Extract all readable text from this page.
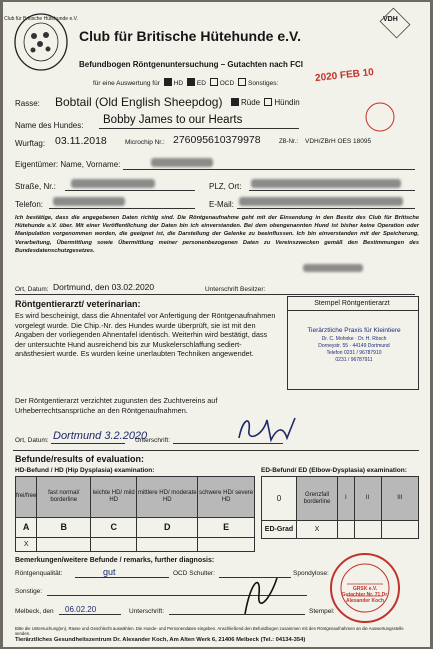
Club für Britische Hütehunde e.V.
Club für Britische Hütehunde e.V.
Befundbogen Röntgenuntersuchung – Gutachten nach FCI
VDH
für eine Auswertung für HD ED OCD Sonstiges:	2020 FEB 10
Rasse: Bobtail (Old English Sheepdog)	Rüde Hündin
Name des Hundes: Bobby James to our Hearts
Wurftag: 03.11.2018	Microchip Nr.: 276095610379978	ZB-Nr.: VDH/ZBrH OES 18095
Eigentümer: Name, Vorname:
Straße, Nr.:	PLZ, Ort:
Telefon:	E-Mail:
Ich bestätige, dass die angegebenen Daten richtig sind. Die Röntgenaufnahme geht mit der Einsendung in den Besitz des Club für Britische Hütehunde e.V. über. Mit einer Veröffentlichung der Daten bin ich einverstanden. Bei dem obengenannten Hund ist bisher keine Operation oder Manipulation vorgenommen worden, die geeignet ist, die Darstellung der Gelenke zu beeinflussen. Ich bin einverstanden mit der Speicherung, Verarbeitung, Übermittlung sowie Übermittlung meiner personenbezogenen Daten zu Vereinszwecken gemäß den Bestimmungen des Bundesdatenschutzgesetzes.
Ort, Datum: Dortmund, den 03.02.2020	Unterschrift Besitzer:
Röntgentierarzt/ veterinarian:
Es wird bescheinigt, dass die Ahnentafel vor Anfertigung der Röntgenaufnahmen vorgelegt wurde. Die Chip.-Nr. des Hundes wurde überprüft, sie ist mit den Angaben der vorliegenden Ahnentafel identisch. Weiterhin wird bestätigt, dass der untersuchte Hund ausreichend bis zur Muskelerschlaffung sediert-anästhesiert wurde. Es wurden keine unerlaubten Techniken angewendet.
Der Röntgentierarzt verzichtet zugunsten des Zuchtvereins auf Urheberrechtsansprüche an den Röntgenaufnahmen.
Stempel Röntgentierarzt
Tierärztliche Praxis für Kleintiere
Dr. C. Mohnke · Dr. H. Rösch
Dorneystr. 55 · 44149 Dortmund
Telefon 0231 / 96787910
0231 / 96787911
Ort, Datum: Dortmund 3.2.2020
Unterschrift:
Befunde/results of evaluation:
HD-Befund / HD (Hip Dysplasia) examination:	ED-Befund/ ED (Elbow-Dysplasia) examination:
frei/free	fast normal/ borderline	leichte HD/ mild HD	mittlere HD/ moderate HD	schwere HD/ severe HD
A	B	C	D	E
X				
0	Grenzfall borderline	I	II	III
ED-Grad	X			
Bemerkungen/weitere Befunde / remarks, further diagnosis:
Röntgenqualität:	gut	OCD Schulter:	Spondylose:
Sonstige:
Melbeck, den 06.02.20	Unterschrift:	Stempel:
GRSK e.V. Gutachter Nr. 71 Dr. Alexander Koch
Bitte die Untersuchung(en), Rasse und Geschlecht auswählen. Die Hunde- und Personendaten eingeben. Anschließend den Befundbogen zusammen mit den Röntgenaufnahmen an die Auswertungsstelle senden.
Tierärztliches Gesundheitszentrum Dr. Alexander Koch, Am Alten Werk 6, 21406 Melbeck (Tel.: 04134-354)
